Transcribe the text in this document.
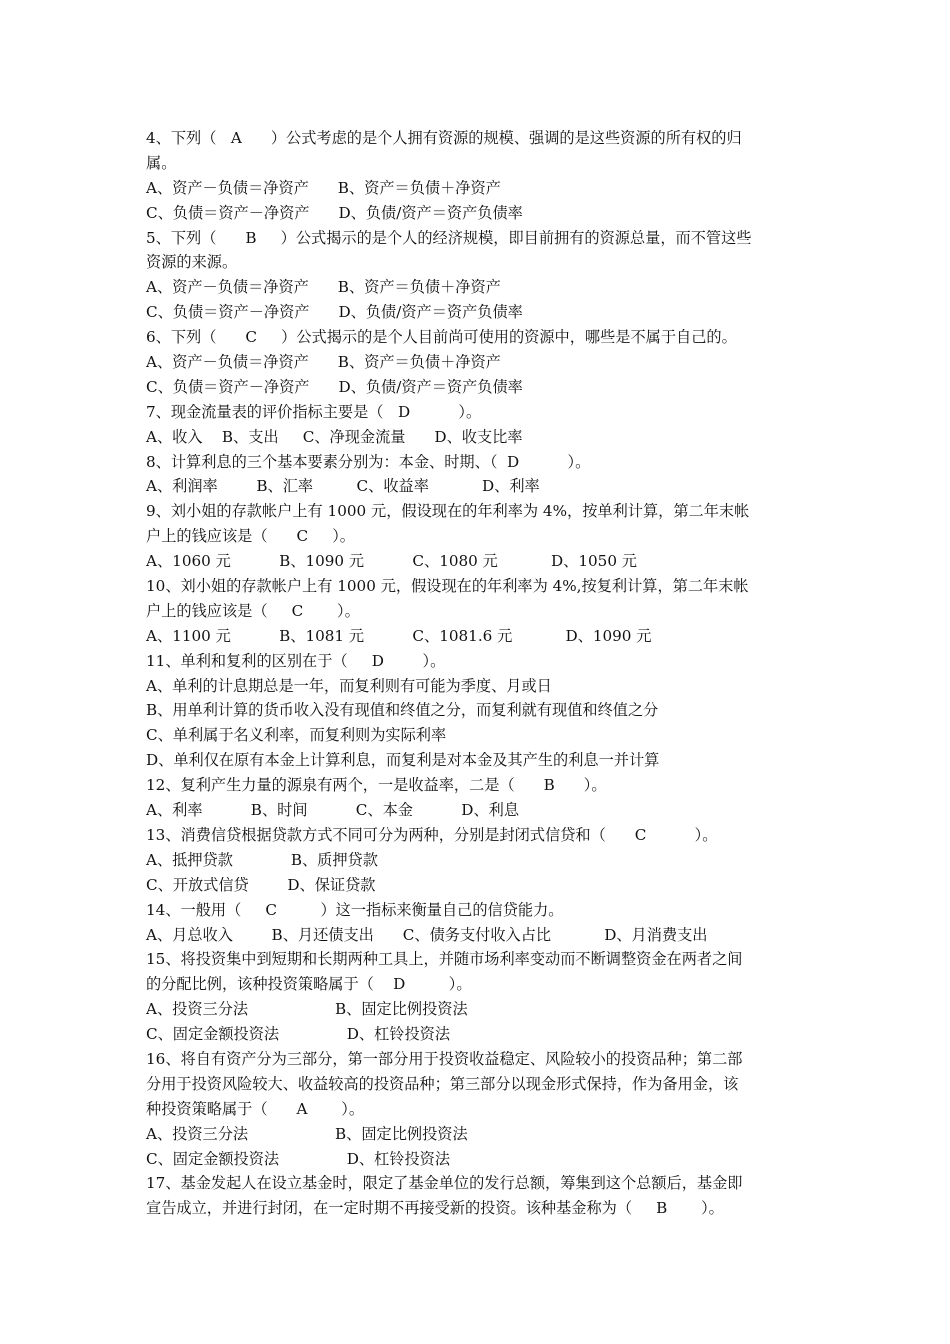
4、下列（   A      ）公式考虑的是个人拥有资源的规模、强调的是这些资源的所有权的归
属。
A、资产－负债＝净资产      B、资产＝负债＋净资产
C、负债＝资产－净资产      D、负债/资产＝资产负债率
5、下列（      B     ）公式揭示的是个人的经济规模，即目前拥有的资源总量，而不管这些
资源的来源。
A、资产－负债＝净资产      B、资产＝负债＋净资产
C、负债＝资产－净资产      D、负债/资产＝资产负债率
6、下列（      C     ）公式揭示的是个人目前尚可使用的资源中，哪些是不属于自己的。
A、资产－负债＝净资产      B、资产＝负债＋净资产
C、负债＝资产－净资产      D、负债/资产＝资产负债率
7、现金流量表的评价指标主要是（   D          ）。
A、收入    B、支出     C、净现金流量      D、收支比率
8、计算利息的三个基本要素分别为：本金、时期、（  D          ）。
A、利润率        B、汇率         C、收益率           D、利率
9、刘小姐的存款帐户上有 1000 元，假设现在的年利率为 4%，按单利计算，第二年末帐
户上的钱应该是（      C     ）。
A、1060 元          B、1090 元          C、1080 元           D、1050 元
10、刘小姐的存款帐户上有 1000 元，假设现在的年利率为 4%,按复利计算，第二年末帐
户上的钱应该是（     C       ）。
A、1100 元          B、1081 元          C、1081.6 元           D、1090 元
11、单利和复利的区别在于（     D        ）。
A、单利的计息期总是一年，而复利则有可能为季度、月或日
B、用单利计算的货币收入没有现值和终值之分，而复利就有现值和终值之分
C、单利属于名义利率，而复利则为实际利率
D、单利仅在原有本金上计算利息，而复利是对本金及其产生的利息一并计算
12、复利产生力量的源泉有两个，一是收益率，二是（      B      ）。
A、利率          B、时间          C、本金          D、利息
13、消费信贷根据贷款方式不同可分为两种，分别是封闭式信贷和（      C          ）。
A、抵押贷款            B、质押贷款
C、开放式信贷        D、保证贷款
14、一般用（     C         ）这一指标来衡量自己的信贷能力。
A、月总收入        B、月还债支出      C、债务支付收入占比           D、月消费支出
15、将投资集中到短期和长期两种工具上，并随市场利率变动而不断调整资金在两者之间
的分配比例，该种投资策略属于（    D         ）。
A、投资三分法                  B、固定比例投资法
C、固定金额投资法              D、杠铃投资法
16、将自有资产分为三部分，第一部分用于投资收益稳定、风险较小的投资品种；第二部
分用于投资风险较大、收益较高的投资品种；第三部分以现金形式保持，作为备用金，该
种投资策略属于（      A       ）。
A、投资三分法                  B、固定比例投资法
C、固定金额投资法              D、杠铃投资法
17、基金发起人在设立基金时，限定了基金单位的发行总额，筹集到这个总额后，基金即
宣告成立，并进行封闭，在一定时期不再接受新的投资。该种基金称为（     B       ）。
